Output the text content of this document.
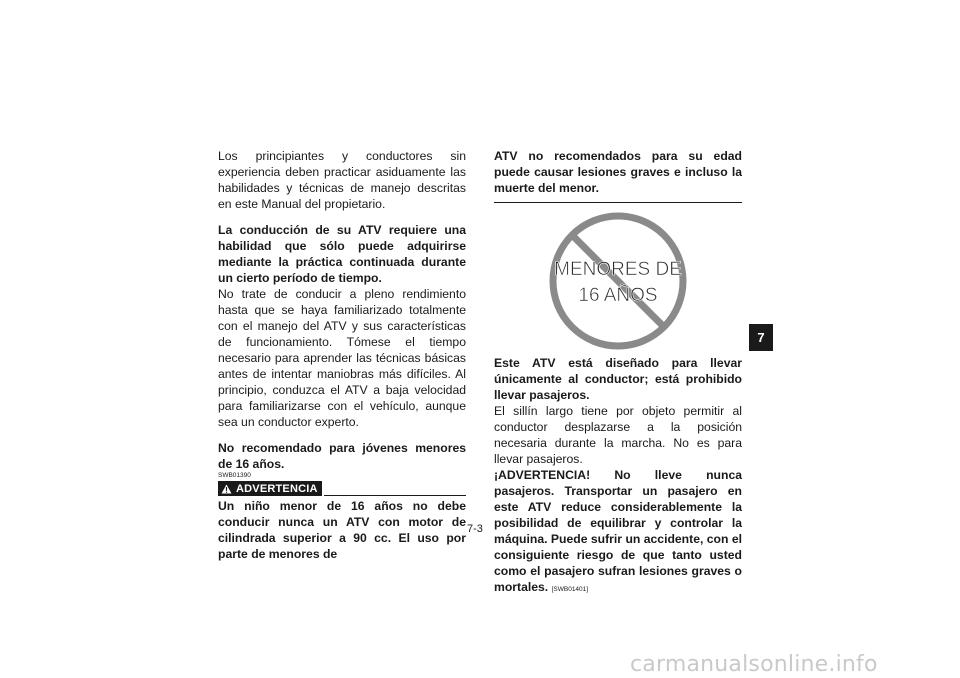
Los principiantes y conductores sin experiencia deben practicar asiduamente las habilidades y técnicas de manejo descritas en este Manual del propietario.

La conducción de su ATV requiere una habilidad que sólo puede adquirirse mediante la práctica continuada durante un cierto período de tiempo.

No trate de conducir a pleno rendimiento hasta que se haya familiarizado totalmente con el manejo del ATV y sus características de funcionamiento. Tómese el tiempo necesario para aprender las técnicas básicas antes de intentar maniobras más difíciles. Al principio, conduzca el ATV a baja velocidad para familiarizarse con el vehículo, aunque sea un conductor experto.

No recomendado para jóvenes menores de 16 años.

SWB01390
ADVERTENCIA

Un niño menor de 16 años no debe conducir nunca un ATV con motor de cilindrada superior a 90 cc. El uso por parte de menores de

ATV no recomendados para su edad puede causar lesiones graves e incluso la muerte del menor.

MENORES DE
16 AÑOS

Este ATV está diseñado para llevar únicamente al conductor; está prohibido llevar pasajeros.

El sillín largo tiene por objeto permitir al conductor desplazarse a la posición necesaria durante la marcha. No es para llevar pasajeros.

¡ADVERTENCIA! No lleve nunca pasajeros. Transportar un pasajero en este ATV reduce considerablemente la posibilidad de equilibrar y controlar la máquina. Puede sufrir un accidente, con el consiguiente riesgo de que tanto usted como el pasajero sufran lesiones graves o mortales. [SWB01401]

7-3
7
carmanualsonline.info
